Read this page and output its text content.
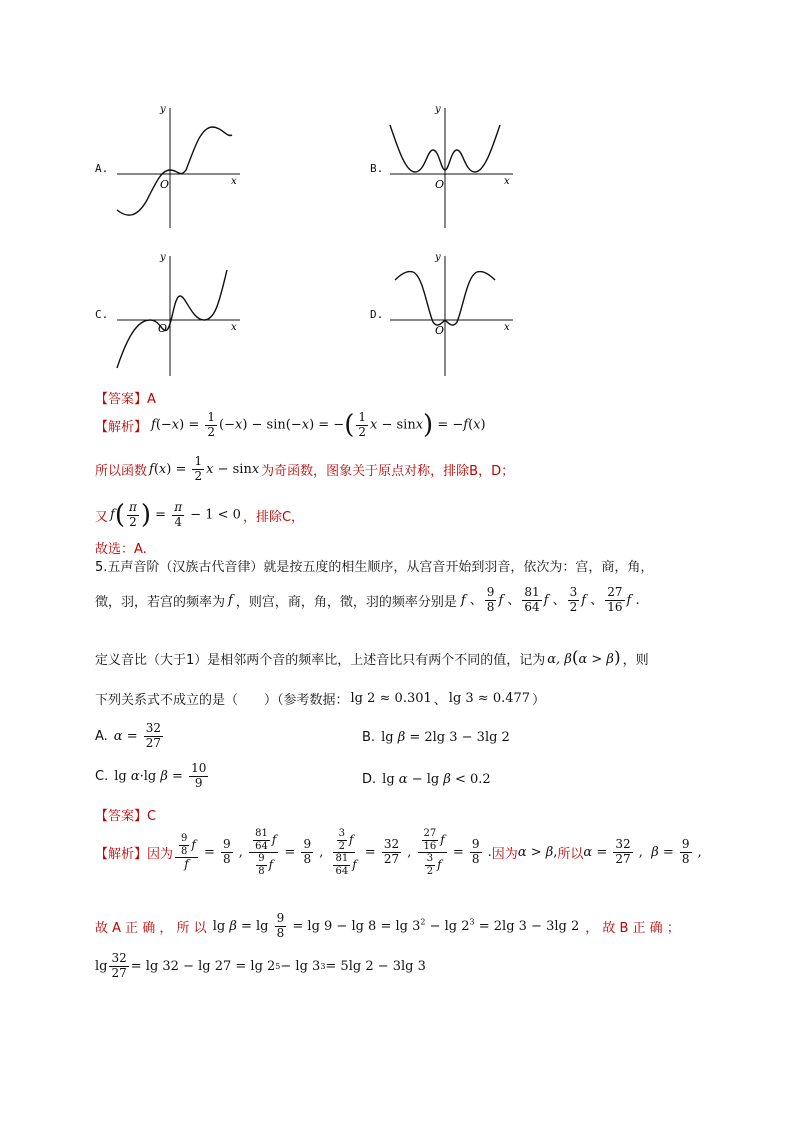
A.
y
x
O
B.
y
x
O
C.
y
x
O
D.
y
x
O
【答案】A
【解析】 $f(-x) = \frac{1}{2} (-x) - \sin(-x)$ = −( $\frac{1}{2}$ x − sinx) = −f(x)
所以函数 $f(x) = \frac{1}{2}$ x − sinx 为奇函数，图象关于原点对称，排除B，D；
又 $f( \frac{\pi}{2}$ ) = $\frac{\pi}{4} - 1 < 0$ ，排除C，
故选：A.
5.五声音阶（汉族古代音律）就是按五度的相生顺序，从宫音开始到羽音，依次为：宫，商，角，
徵，羽，若宫的频率为 f ，则宫，商，角，徵，羽的频率分别是 f 、 $\frac{9}{8}$ f 、 $\frac{81}{64}$ f 、 $\frac{3}{2}$ f 、 $\frac{27}{16}$ f .
定义音比（大于1）是相邻两个音的频率比，上述音比只有两个不同的值，记为 α, β(α > β) ，则
下列关系式不成立的是（　　）（参考数据： lg 2 ≈ 0.301 、 lg 3 ≈ 0.477 ）
A. $\alpha = \frac{32}{27}$	B. lg β = 2lg 3 − 3lg 2
C. lg α·lg $\beta = \frac{10}{9}$	D. lg α − lg β < 0.2
【答案】C
【解析】 因为 $\frac{\frac{9}{8} f}{f} = \frac{9}{8}$ , $\frac{\frac{81}{64} f}{\frac{9}{8} f} = \frac{9}{8}$ , $\frac{\frac{3}{2} f}{\frac{81}{64} f} = \frac{32}{27}$ , $\frac{\frac{27}{16} f}{\frac{3}{2} f} = \frac{9}{8}$ . 因为 α > β , 所以 $\alpha = \frac{32}{27}$ ,  $\beta = \frac{9}{8}$ ,
故 A 正 确 ， 所 以 $\lg \beta = \lg \frac{9}{8} = \lg 9 - \lg 8 = \lg 3^2 - \lg 2^3 = 2\lg$ 3 − 3lg 2 ， 故 B 正 确 ；
$\lg \frac{32}{27} = \lg 32 - \lg 27 = \lg 2$ 5 − lg 3 3 = 5lg 2 − 3lg 3
